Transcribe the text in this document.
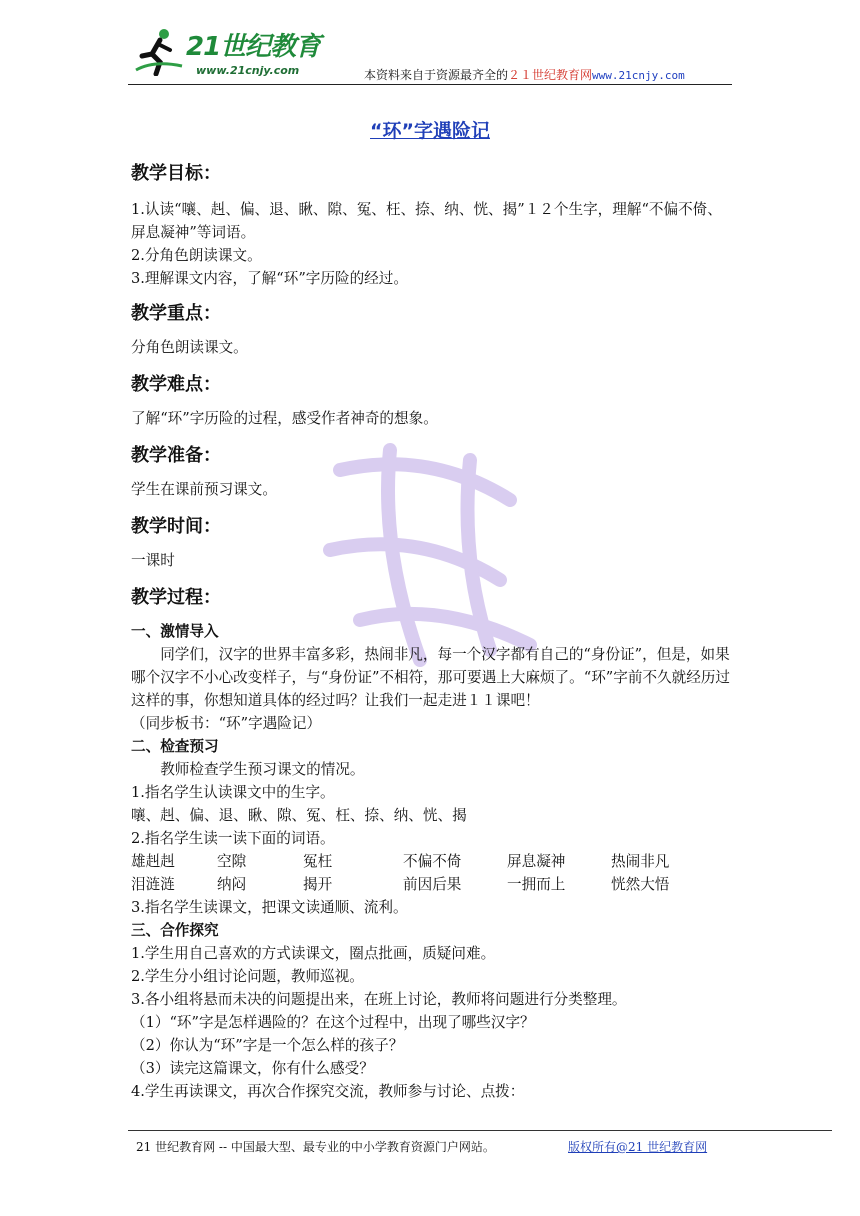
21世纪教育
www.21cnjy.com	本资料来自于资源最齐全的２１世纪教育网www.21cnjy.com
“环”字遇险记
教学目标：

1.认读“嚷、赳、偏、退、瞅、隙、冤、枉、捺、纳、恍、揭”１２个生字，理解“不偏不倚、屏息凝神”等词语。

2.分角色朗读课文。

3.理解课文内容，了解“环”字历险的经过。

教学重点：

分角色朗读课文。

教学难点：

了解“环”字历险的过程，感受作者神奇的想象。

教学准备：

学生在课前预习课文。

教学时间：

一课时

教学过程：
一、激情导入

同学们，汉字的世界丰富多彩，热闹非凡，每一个汉字都有自己的“身份证”，但是，如果哪个汉字不小心改变样子，与“身份证”不相符，那可要遇上大麻烦了。“环”字前不久就经历过这样的事，你想知道具体的经过吗？让我们一起走进１１课吧！

（同步板书：“环”字遇险记）

二、检查预习

教师检查学生预习课文的情况。

1.指名学生认读课文中的生字。

嚷、赳、偏、退、瞅、隙、冤、枉、捺、纳、恍、揭

2.指名学生读一读下面的词语。

雄赳赳	空隙	冤枉	不偏不倚	屏息凝神	热闹非凡
泪涟涟	纳闷	揭开	前因后果	一拥而上	恍然大悟

3.指名学生读课文，把课文读通顺、流利。

三、合作探究

1.学生用自己喜欢的方式读课文，圈点批画，质疑问难。

2.学生分小组讨论问题，教师巡视。

3.各小组将悬而未决的问题提出来，在班上讨论，教师将问题进行分类整理。

（1）“环”字是怎样遇险的？在这个过程中，出现了哪些汉字？

（2）你认为“环”字是一个怎么样的孩子？

（3）读完这篇课文，你有什么感受？

4.学生再读课文，再次合作探究交流，教师参与讨论、点拨：

21 世纪教育网 -- 中国最大型、最专业的中小学教育资源门户网站。	版权所有@21 世纪教育网
